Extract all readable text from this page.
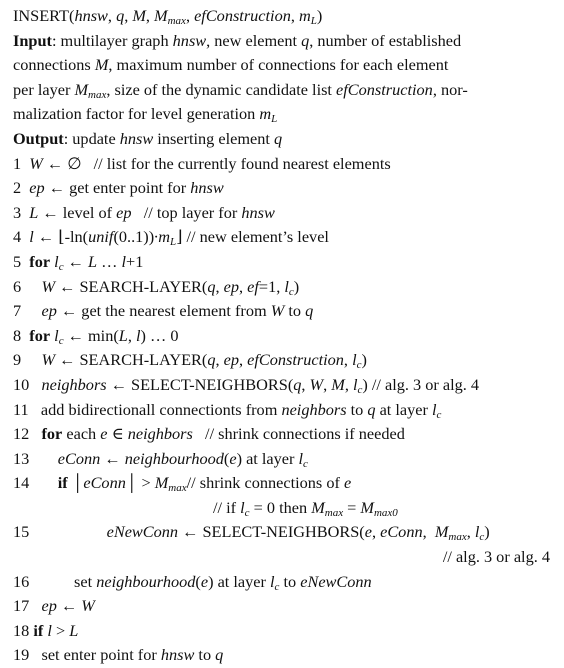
INSERT(hnsw, q, M, Mmax, efConstruction, mL)
Input: multilayer graph hnsw, new element q, number of established
connections M, maximum number of connections for each element
per layer Mmax, size of the dynamic candidate list efConstruction, nor-
malization factor for level generation mL
Output: update hnsw inserting element q
1 W ← ∅   // list for the currently found nearest elements
2 ep ← get enter point for hnsw
3 L ← level of ep   // top layer for hnsw
4 l ← ⌊-ln(unif(0..1))∙mL⌋ // new element’s level
5 for lc ← L … l+1
6 W ← SEARCH-LAYER(q, ep, ef=1, lc)
7 ep ← get the nearest element from W to q
8 for lc ← min(L, l) … 0
9 W ← SEARCH-LAYER(q, ep, efConstruction, lc)
10 neighbors ← SELECT-NEIGHBORS(q, W, M, lc) // alg. 3 or alg. 4
11   add bidirectionall connectionts from neighbors to q at layer lc
12 for each e ∈ neighbors   // shrink connections if needed
13 eConn ← neighbourhood(e) at layer lc
14 if │eConn│ > Mmax// shrink connections of e
// if lc = 0 then Mmax = Mmax0
15	eNewConn ← SELECT-NEIGHBORS(e, eConn,  Mmax, lc)
// alg. 3 or alg. 4
16           set neighbourhood(e) at layer lc to eNewConn
17 ep ← W
18 if l > L
19   set enter point for hnsw to q
